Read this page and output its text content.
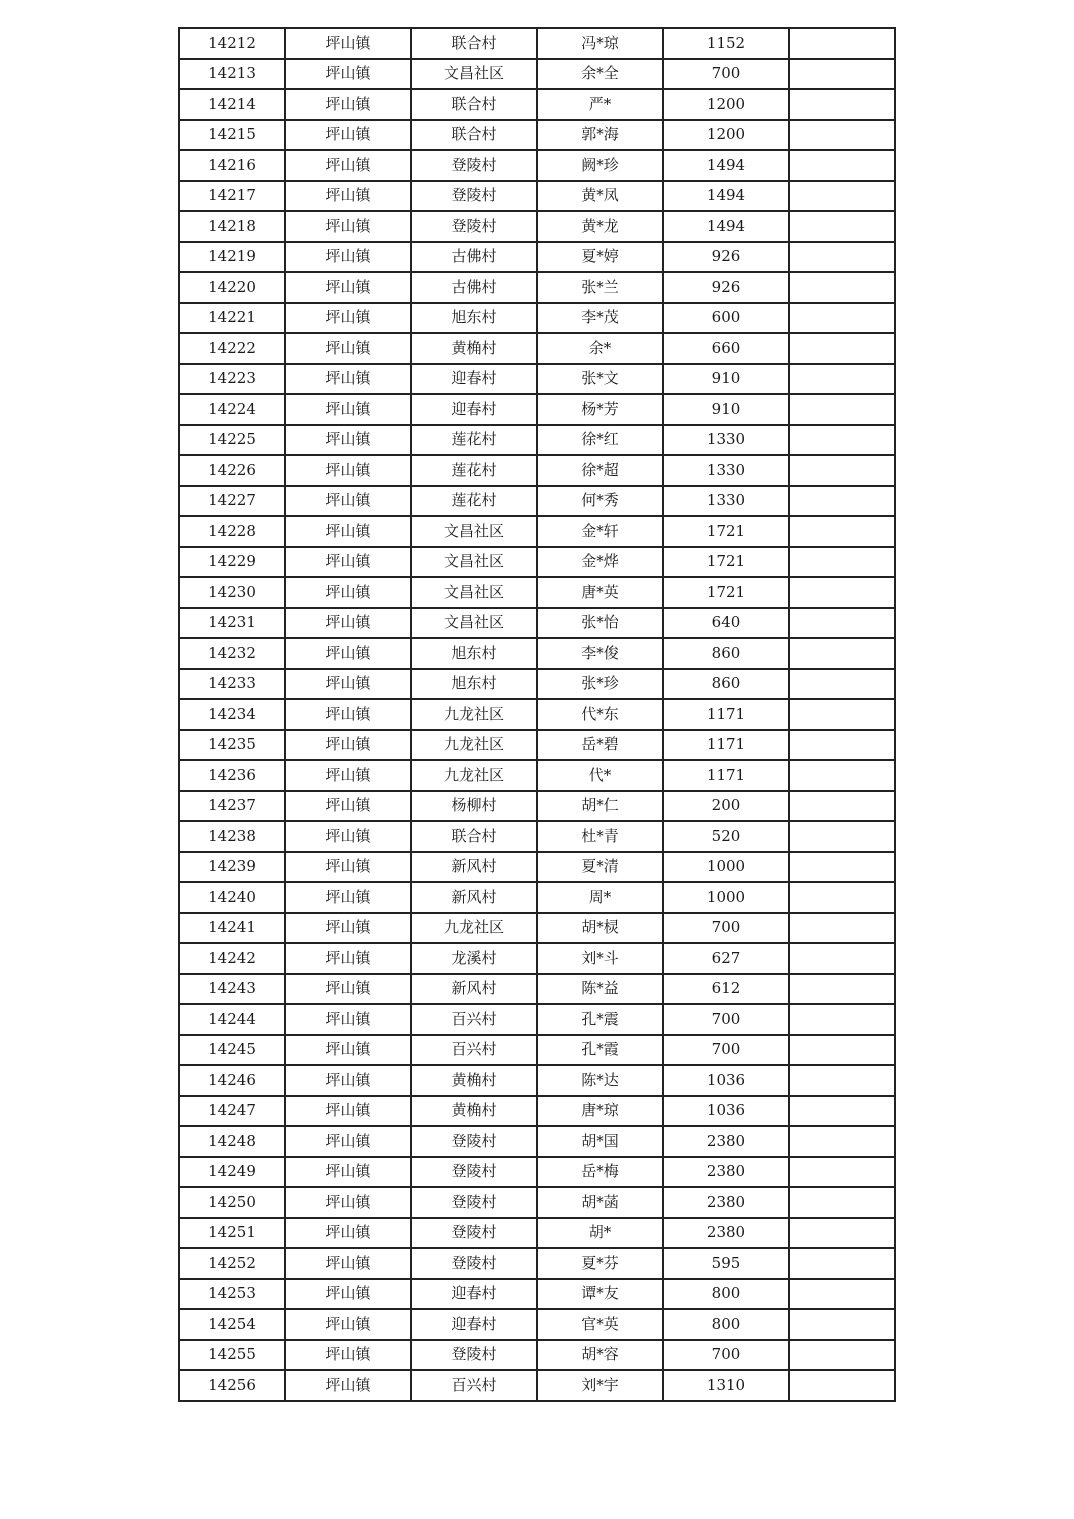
14212	坪山镇	联合村	冯*琼	1152	
14213	坪山镇	文昌社区	余*全	700	
14214	坪山镇	联合村	严*	1200	
14215	坪山镇	联合村	郭*海	1200	
14216	坪山镇	登陵村	阙*珍	1494	
14217	坪山镇	登陵村	黄*凤	1494	
14218	坪山镇	登陵村	黄*龙	1494	
14219	坪山镇	古佛村	夏*婷	926	
14220	坪山镇	古佛村	张*兰	926	
14221	坪山镇	旭东村	李*茂	600	
14222	坪山镇	黄桷村	余*	660	
14223	坪山镇	迎春村	张*文	910	
14224	坪山镇	迎春村	杨*芳	910	
14225	坪山镇	莲花村	徐*红	1330	
14226	坪山镇	莲花村	徐*超	1330	
14227	坪山镇	莲花村	何*秀	1330	
14228	坪山镇	文昌社区	金*轩	1721	
14229	坪山镇	文昌社区	金*烨	1721	
14230	坪山镇	文昌社区	唐*英	1721	
14231	坪山镇	文昌社区	张*怡	640	
14232	坪山镇	旭东村	李*俊	860	
14233	坪山镇	旭东村	张*珍	860	
14234	坪山镇	九龙社区	代*东	1171	
14235	坪山镇	九龙社区	岳*碧	1171	
14236	坪山镇	九龙社区	代*	1171	
14237	坪山镇	杨柳村	胡*仁	200	
14238	坪山镇	联合村	杜*青	520	
14239	坪山镇	新风村	夏*清	1000	
14240	坪山镇	新风村	周*	1000	
14241	坪山镇	九龙社区	胡*棂	700	
14242	坪山镇	龙溪村	刘*斗	627	
14243	坪山镇	新风村	陈*益	612	
14244	坪山镇	百兴村	孔*震	700	
14245	坪山镇	百兴村	孔*霞	700	
14246	坪山镇	黄桷村	陈*达	1036	
14247	坪山镇	黄桷村	唐*琼	1036	
14248	坪山镇	登陵村	胡*国	2380	
14249	坪山镇	登陵村	岳*梅	2380	
14250	坪山镇	登陵村	胡*菡	2380	
14251	坪山镇	登陵村	胡*	2380	
14252	坪山镇	登陵村	夏*芬	595	
14253	坪山镇	迎春村	谭*友	800	
14254	坪山镇	迎春村	官*英	800	
14255	坪山镇	登陵村	胡*容	700	
14256	坪山镇	百兴村	刘*宇	1310	
